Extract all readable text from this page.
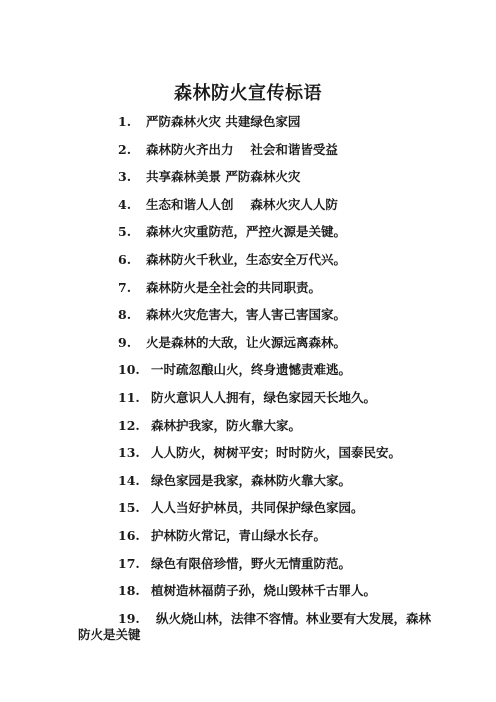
森林防火宣传标语
1. 严防森林火灾 共建绿色家园
2. 森林防火齐出力　 社会和谐皆受益
3. 共享森林美景 严防森林火灾
4. 生态和谐人人创　 森林火灾人人防
5. 森林火灾重防范，严控火源是关键。
6. 森林防火千秋业，生态安全万代兴。
7. 森林防火是全社会的共同职责。
8. 森林火灾危害大，害人害己害国家。
9. 火是森林的大敌，让火源远离森林。
10. 一时疏忽酿山火，终身遗憾责难逃。
11. 防火意识人人拥有，绿色家园天长地久。
12. 森林护我家，防火靠大家。
13. 人人防火，树树平安；时时防火，国泰民安。
14. 绿色家园是我家，森林防火靠大家。
15. 人人当好护林员，共同保护绿色家园。
16. 护林防火常记，青山绿水长存。
17. 绿色有限倍珍惜，野火无情重防范。
18. 植树造林福荫子孙，烧山毁林千古罪人。
19. 纵火烧山林，法律不容情。林业要有大发展，森林
防火是关键
